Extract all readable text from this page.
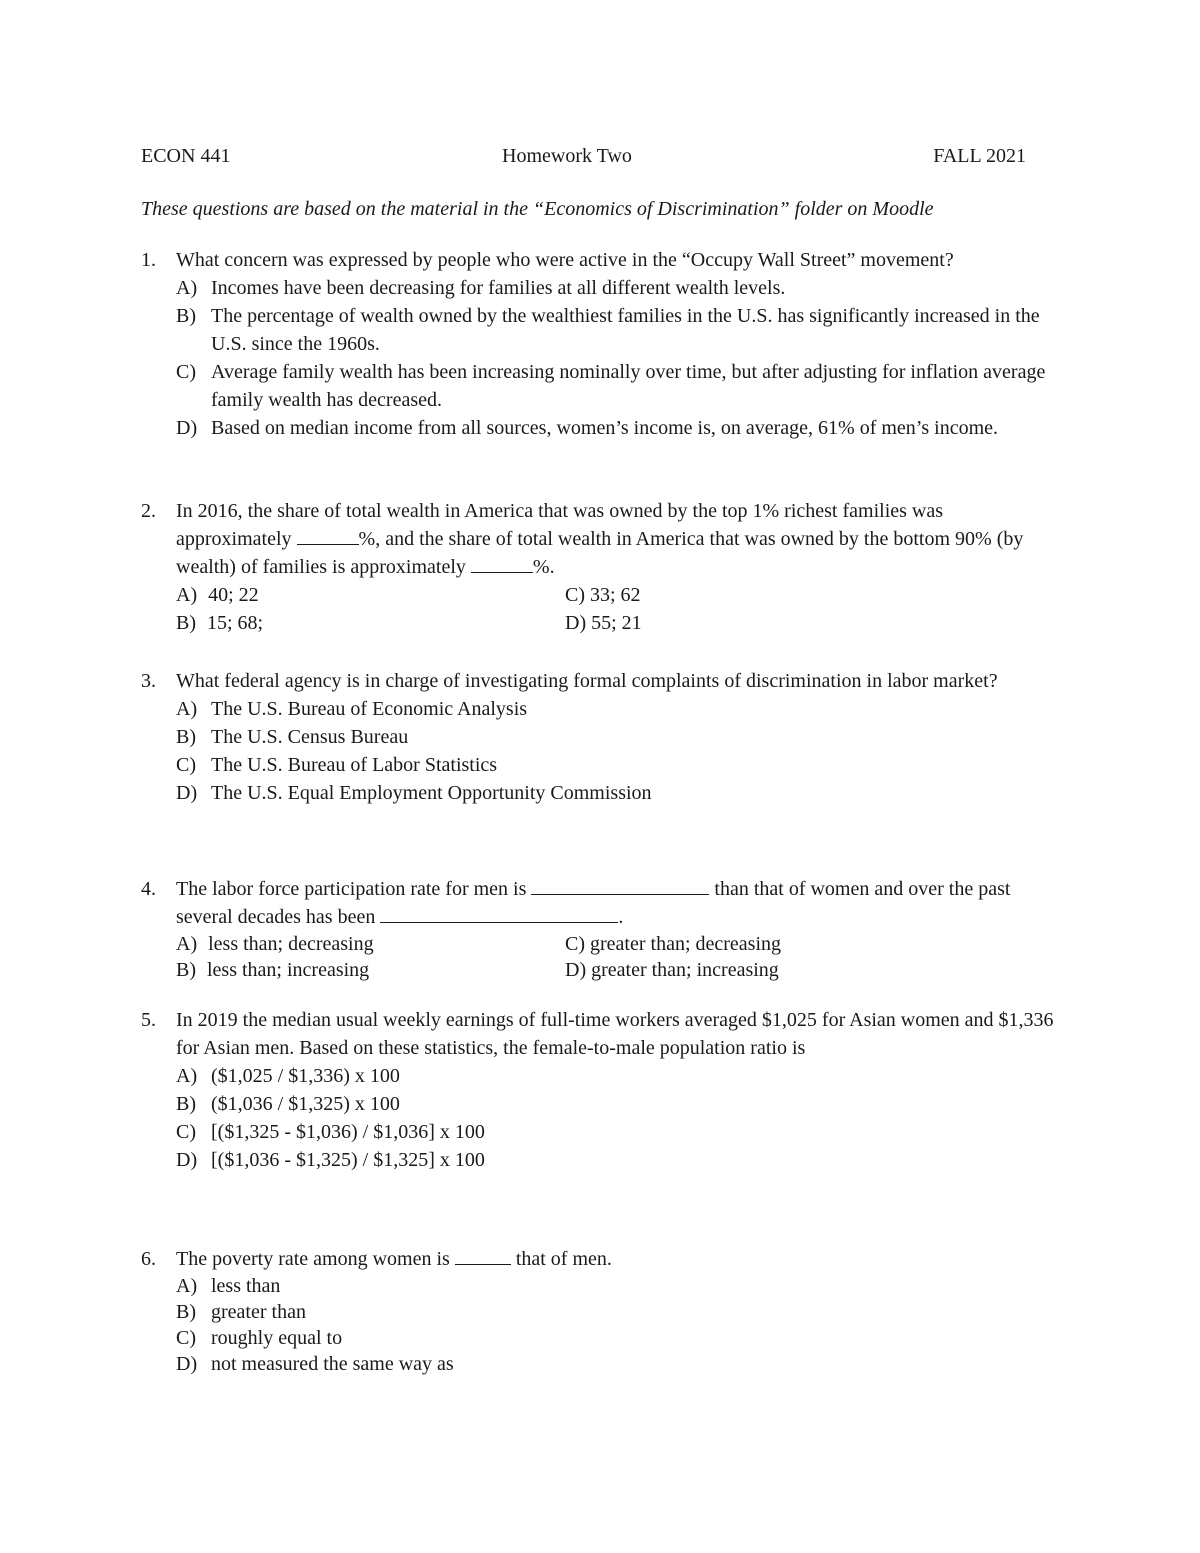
ECON 441	Homework Two	FALL 2021
These questions are based on the material in the “Economics of Discrimination” folder on Moodle
1. What concern was expressed by people who were active in the “Occupy Wall Street” movement?
A) Incomes have been decreasing for families at all different wealth levels.
B) The percentage of wealth owned by the wealthiest families in the U.S. has significantly increased in the U.S. since the 1960s.
C) Average family wealth has been increasing nominally over time, but after adjusting for inflation average family wealth has decreased.
D) Based on median income from all sources, women’s income is, on average, 61% of men’s income.
2. In 2016, the share of total wealth in America that was owned by the top 1% richest families was approximately	%, and the share of total wealth in America that was owned by the bottom 90% (by wealth) of families is approximately	%.
A) 40; 22
B) 15; 68;
C) 33; 62
D) 55; 21
3. What federal agency is in charge of investigating formal complaints of discrimination in labor market?
A) The U.S. Bureau of Economic Analysis
B) The U.S. Census Bureau
C) The U.S. Bureau of Labor Statistics
D) The U.S. Equal Employment Opportunity Commission
4. The labor force participation rate for men is	than that of women and over the past several decades has been	.
A) less than; decreasing
B) less than; increasing
C) greater than; decreasing
D) greater than; increasing
5. In 2019 the median usual weekly earnings of full-time workers averaged $1,025 for Asian women and $1,336 for Asian men. Based on these statistics, the female-to-male population ratio is
A) ($1,025 / $1,336) x 100
B) ($1,036 / $1,325) x 100
C) [($1,325 - $1,036) / $1,036] x 100
D) [($1,036 - $1,325) / $1,325] x 100
6. The poverty rate among women is	that of men.
A) less than
B) greater than
C) roughly equal to
D) not measured the same way as
